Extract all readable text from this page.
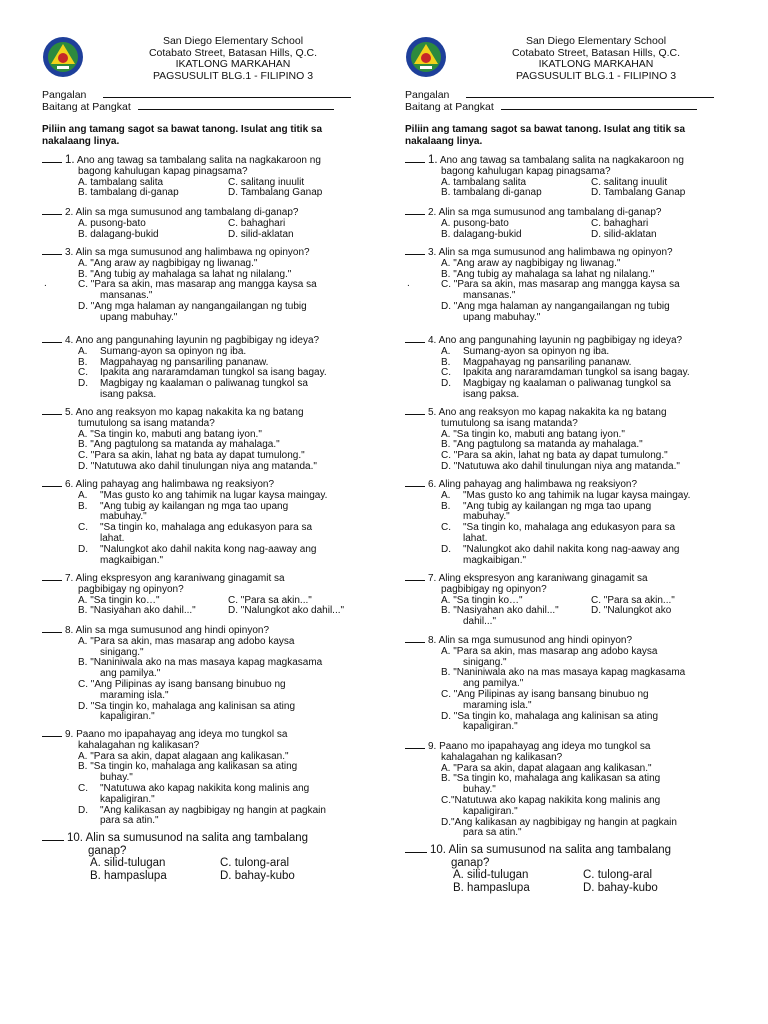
San Diego Elementary School
Cotabato Street, Batasan Hills, Q.C.
IKATLONG MARKAHAN
PAGSUSULIT BLG.1 - FILIPINO 3
Pangalan
Baitang at Pangkat
Piliin ang tamang sagot sa bawat tanong. Isulat ang titik sa nakalaang linya.
1. Ano ang tawag sa tambalang salita na nagkakaroon ng
bagong kahulugan kapag pinagsama?
A. tambalang salita	C. salitang inuulit
B. tambalang di-ganap	D. Tambalang Ganap
2. Alin sa mga sumusunod ang tambalang di-ganap?
A. pusong-bato	C. bahaghari
B. dalagang-bukid	D. silid-aklatan
3. Alin sa mga sumusunod ang halimbawa ng opinyon?
A. "Ang araw ay nagbibigay ng liwanag."
B. "Ang tubig ay mahalaga sa lahat ng nilalang."
C. "Para sa akin, mas masarap ang mangga kaysa sa
mansanas."
D. "Ang mga halaman ay nangangailangan ng tubig
upang mabuhay."
.
4. Ano ang pangunahing layunin ng pagbibigay ng ideya?
A. Sumang-ayon sa opinyon ng iba.
B. Magpahayag ng pansariling pananaw.
C. Ipakita ang nararamdaman tungkol sa isang bagay.
D. Magbigay ng kaalaman o paliwanag tungkol sa
isang paksa.
5. Ano ang reaksyon mo kapag nakakita ka ng batang
tumutulong sa isang matanda?
A. "Sa tingin ko, mabuti ang batang iyon."
B. "Ang pagtulong sa matanda ay mahalaga."
C. "Para sa akin, lahat ng bata ay dapat tumulong."
D. "Natutuwa ako dahil tinulungan niya ang matanda."
6. Aling pahayag ang halimbawa ng reaksiyon?
A. "Mas gusto ko ang tahimik na lugar kaysa maingay.
B. "Ang tubig ay kailangan ng mga tao upang
mabuhay."
C. "Sa tingin ko, mahalaga ang edukasyon para sa
lahat.
D. "Nalungkot ako dahil nakita kong nag-aaway ang
magkaibigan."
7. Aling ekspresyon ang karaniwang ginagamit sa
pagbibigay ng opinyon?
A. "Sa tingin ko…"	C. "Para sa akin..."
B. "Nasiyahan ako dahil..."	D. "Nalungkot ako dahil..."
8. Alin sa mga sumusunod ang hindi opinyon?
A. "Para sa akin, mas masarap ang adobo kaysa
sinigang."
B. "Naniniwala ako na mas masaya kapag magkasama
ang pamilya."
C. "Ang Pilipinas ay isang bansang binubuo ng
maraming isla."
D. "Sa tingin ko, mahalaga ang kalinisan sa ating
kapaligiran."
9. Paano mo ipapahayag ang ideya mo tungkol sa
kahalagahan ng kalikasan?
A. "Para sa akin, dapat alagaan ang kalikasan."
B. "Sa tingin ko, mahalaga ang kalikasan sa ating
buhay."
C. "Natutuwa ako kapag nakikita kong malinis ang
kapaligiran."
D. "Ang kalikasan ay nagbibigay ng hangin at pagkain
para sa atin."
10. Alin sa sumusunod na salita ang tambalang
ganap?
A. silid-tulugan	C. tulong-aral
B. hampaslupa	D. bahay-kubo
San Diego Elementary School
Cotabato Street, Batasan Hills, Q.C.
IKATLONG MARKAHAN
PAGSUSULIT BLG.1 - FILIPINO 3
Pangalan
Baitang at Pangkat
Piliin ang tamang sagot sa bawat tanong. Isulat ang titik sa nakalaang linya.
1. Ano ang tawag sa tambalang salita na nagkakaroon ng
bagong kahulugan kapag pinagsama?
A. tambalang salita	C. salitang inuulit
B. tambalang di-ganap	D. Tambalang Ganap
2. Alin sa mga sumusunod ang tambalang di-ganap?
A. pusong-bato	C. bahaghari
B. dalagang-bukid	D. silid-aklatan
3. Alin sa mga sumusunod ang halimbawa ng opinyon?
A. "Ang araw ay nagbibigay ng liwanag."
B. "Ang tubig ay mahalaga sa lahat ng nilalang."
C. "Para sa akin, mas masarap ang mangga kaysa sa
mansanas."
D. "Ang mga halaman ay nangangailangan ng tubig
upang mabuhay."
.
4. Ano ang pangunahing layunin ng pagbibigay ng ideya?
A. Sumang-ayon sa opinyon ng iba.
B. Magpahayag ng pansariling pananaw.
C. Ipakita ang nararamdaman tungkol sa isang bagay.
D. Magbigay ng kaalaman o paliwanag tungkol sa
isang paksa.
5. Ano ang reaksyon mo kapag nakakita ka ng batang
tumutulong sa isang matanda?
A. "Sa tingin ko, mabuti ang batang iyon."
B. "Ang pagtulong sa matanda ay mahalaga."
C. "Para sa akin, lahat ng bata ay dapat tumulong."
D. "Natutuwa ako dahil tinulungan niya ang matanda."
6. Aling pahayag ang halimbawa ng reaksiyon?
A. "Mas gusto ko ang tahimik na lugar kaysa maingay.
B. "Ang tubig ay kailangan ng mga tao upang
mabuhay."
C. "Sa tingin ko, mahalaga ang edukasyon para sa
lahat.
D. "Nalungkot ako dahil nakita kong nag-aaway ang
magkaibigan."
7. Aling ekspresyon ang karaniwang ginagamit sa
pagbibigay ng opinyon?
A. "Sa tingin ko…"	C. "Para sa akin..."
B. "Nasiyahan ako dahil..."	D. "Nalungkot ako
dahil..."
8. Alin sa mga sumusunod ang hindi opinyon?
A. "Para sa akin, mas masarap ang adobo kaysa
sinigang."
B. "Naniniwala ako na mas masaya kapag magkasama
ang pamilya."
C. "Ang Pilipinas ay isang bansang binubuo ng
maraming isla."
D. "Sa tingin ko, mahalaga ang kalinisan sa ating
kapaligiran."
9. Paano mo ipapahayag ang ideya mo tungkol sa
kahalagahan ng kalikasan?
A. "Para sa akin, dapat alagaan ang kalikasan."
B. "Sa tingin ko, mahalaga ang kalikasan sa ating
buhay."
C."Natutuwa ako kapag nakikita kong malinis ang
kapaligiran."
D."Ang kalikasan ay nagbibigay ng hangin at pagkain
para sa atin."
10. Alin sa sumusunod na salita ang tambalang
ganap?
A. silid-tulugan	C. tulong-aral
B. hampaslupa	D. bahay-kubo
